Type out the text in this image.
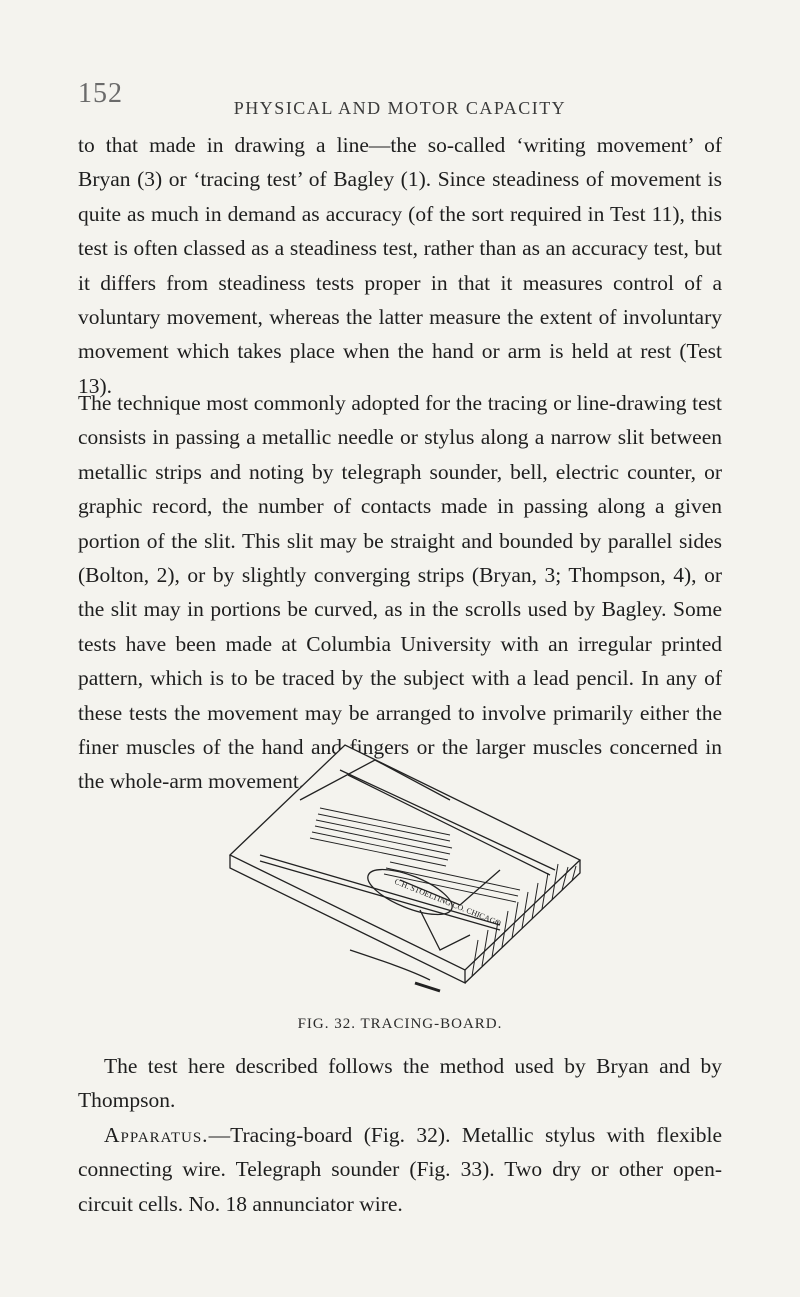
152	PHYSICAL AND MOTOR CAPACITY

to that made in drawing a line—the so-called ‘writing movement’ of Bryan (3) or ‘tracing test’ of Bagley (1). Since steadiness of movement is quite as much in demand as accuracy (of the sort required in Test 11), this test is often classed as a steadiness test, rather than as an accuracy test, but it differs from steadiness tests proper in that it measures control of a voluntary movement, whereas the latter measure the extent of involuntary movement which takes place when the hand or arm is held at rest (Test 13).

The technique most commonly adopted for the tracing or line-drawing test consists in passing a metallic needle or stylus along a narrow slit between metallic strips and noting by telegraph sounder, bell, electric counter, or graphic record, the number of contacts made in passing along a given portion of the slit. This slit may be straight and bounded by parallel sides (Bolton, 2), or by slightly converging strips (Bryan, 3; Thompson, 4), or the slit may in portions be curved, as in the scrolls used by Bagley. Some tests have been made at Columbia University with an irregular printed pattern, which is to be traced by the subject with a lead pencil. In any of these tests the movement may be arranged to involve primarily either the finer muscles of the hand and fingers or the larger muscles concerned in the whole-arm movement.

C.H. STOELTING CO. CHICAGO
FIG. 32. TRACING-BOARD.

The test here described follows the method used by Bryan and by Thompson.

Apparatus.—Tracing-board (Fig. 32). Metallic stylus with flexible connecting wire. Telegraph sounder (Fig. 33). Two dry or other open-circuit cells. No. 18 annunciator wire.
